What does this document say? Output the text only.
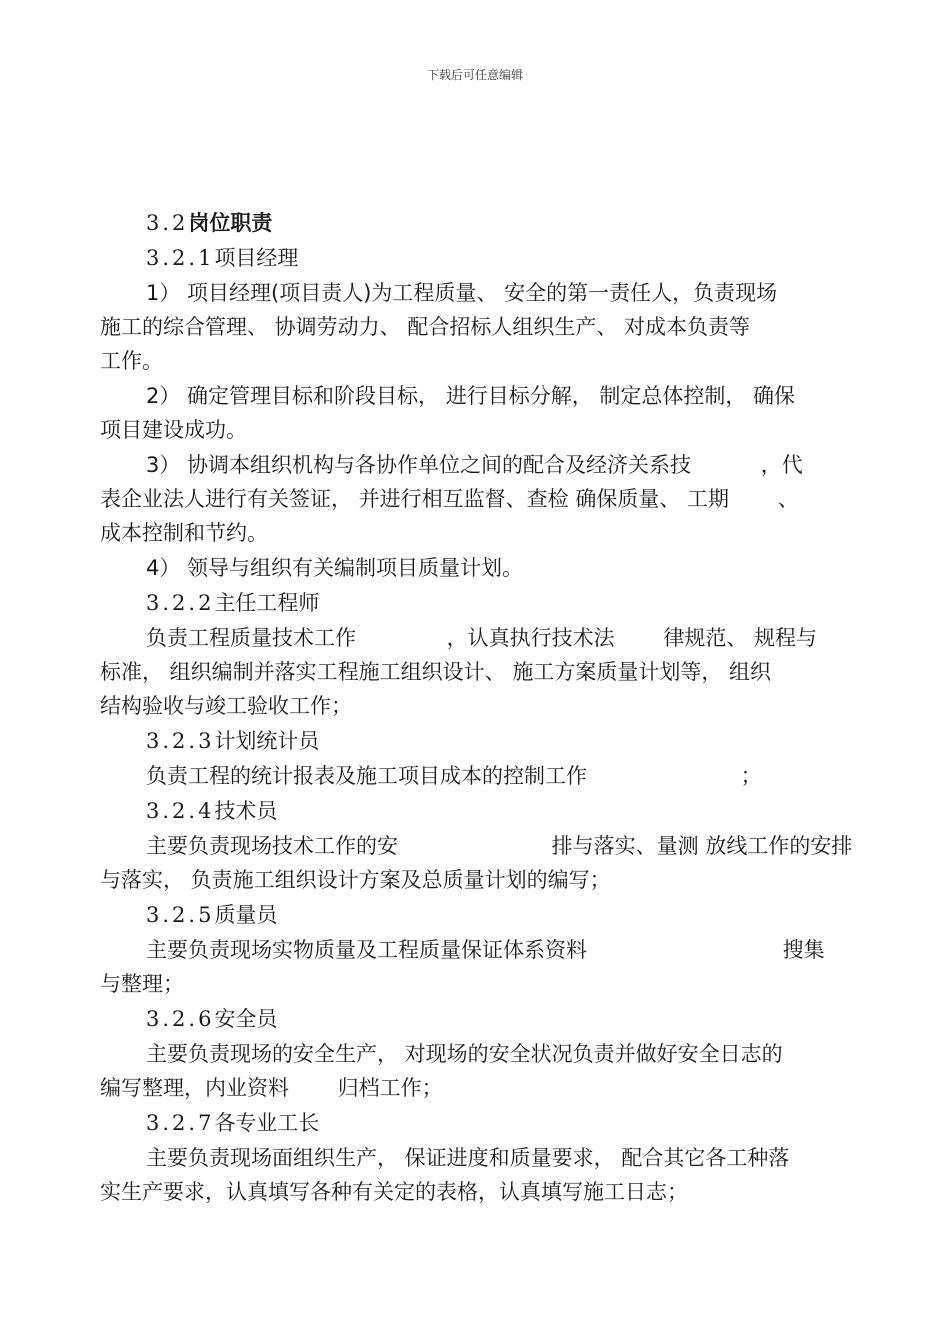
下载后可任意编辑
3.2岗位职责
3.2.1项目经理
1） 项目经理(项目责人)为工程质量、 安全的第一责任人，负责现场
施工的综合管理、 协调劳动力、 配合招标人组织生产、 对成本负责等
工作。
2） 确定管理目标和阶段目标， 进行目标分解， 制定总体控制， 确保
项目建设成功。
3） 协调本组织机构与各协作单位之间的配合及经济关系技 　　　，代
表企业法人进行有关签证， 并进行相互监督、查检 确保质量、 工期 　　、
成本控制和节约。
4） 领导与组织有关编制项目质量计划。
3.2.2主任工程师
负责工程质量技术工作 　　　　，认真执行技术法 　　律规范、 规程与
标准， 组织编制并落实工程施工组织设计、 施工方案质量计划等， 组织
结构验收与竣工验收工作；
3.2.3计划统计员
负责工程的统计报表及施工项目成本的控制工作 　　　　　　　；
3.2.4技术员
主要负责现场技术工作的安 　　　　　　　排与落实、量测 放线工作的安排
与落实， 负责施工组织设计方案及总质量计划的编写；
3.2.5质量员
主要负责现场实物质量及工程质量保证体系资料 　　　　　　　　　搜集
与整理；
3.2.6安全员
主要负责现场的安全生产， 对现场的安全状况负责并做好安全日志的
编写整理，内业资料 　　归档工作；
3.2.7各专业工长
主要负责现场面组织生产， 保证进度和质量要求， 配合其它各工种落
实生产要求，认真填写各种有关定的表格，认真填写施工日志；
